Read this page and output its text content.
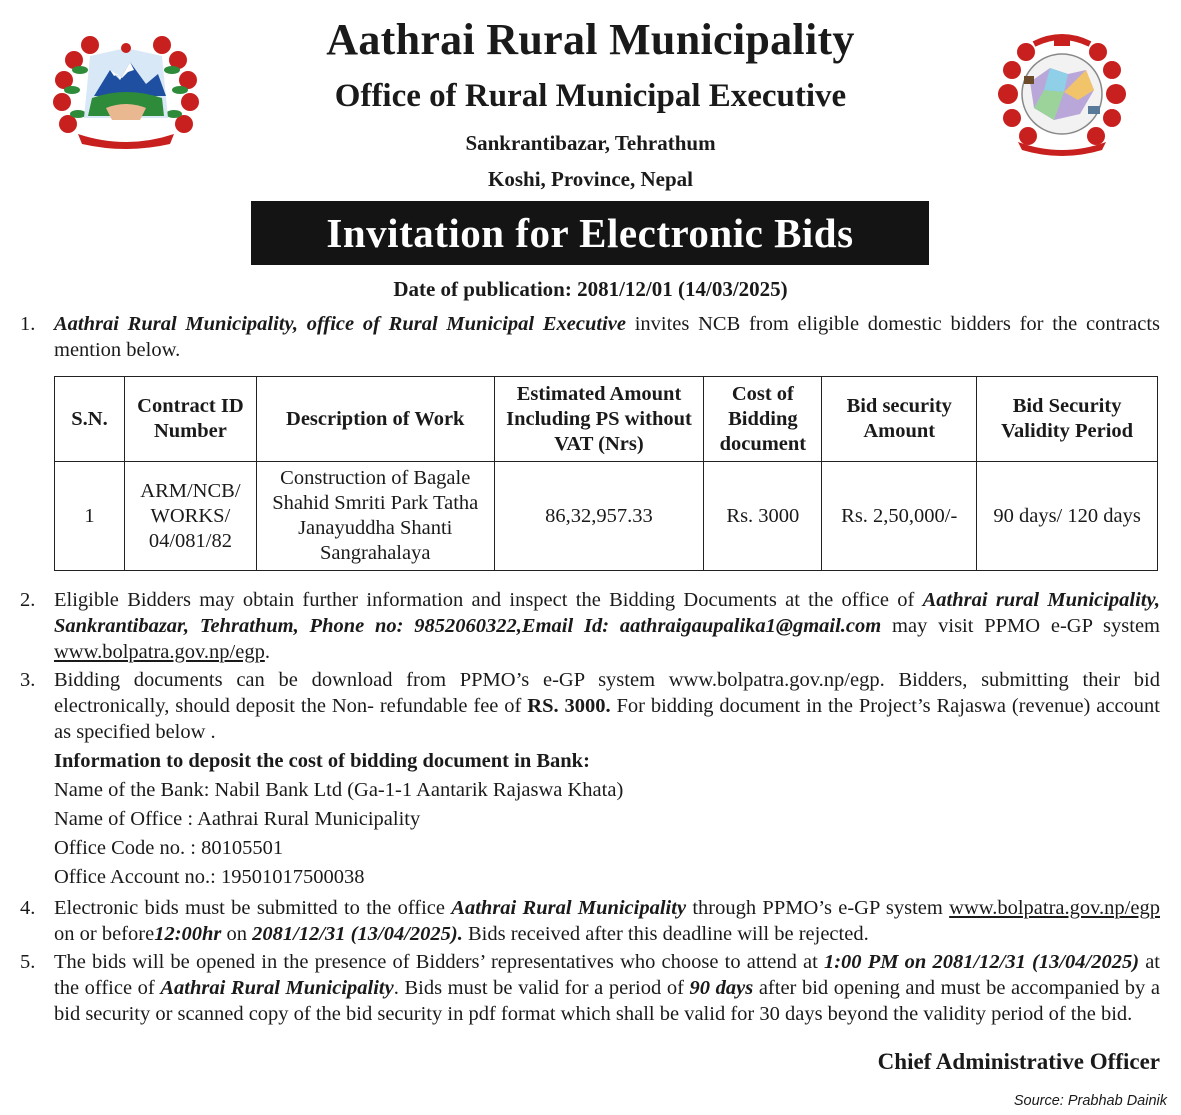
Aathrai Rural Municipality
Office of Rural Municipal Executive
Sankrantibazar, Tehrathum
Koshi, Province, Nepal
Invitation for Electronic Bids
Date of publication: 2081/12/01 (14/03/2025)
1. Aathrai Rural Municipality, office of Rural Municipal Executive invites NCB from eligible domestic bidders for the contracts mention below.
S.N.	Contract ID Number	Description of Work	Estimated Amount Including PS without VAT (Nrs)	Cost of Bidding document	Bid security Amount	Bid Security Validity Period
1	ARM/NCB/ WORKS/ 04/081/82	Construction of Bagale Shahid Smriti Park Tatha Janayuddha Shanti Sangrahalaya	86,32,957.33	Rs. 3000	Rs. 2,50,000/-	90 days/ 120 days
2. Eligible Bidders may obtain further information and inspect the Bidding Documents at the office of Aathrai rural Municipality, Sankrantibazar, Tehrathum, Phone no: 9852060322,Email Id: aathraigaupalika1@gmail.com may visit PPMO e-GP system www.bolpatra.gov.np/egp.
3. Bidding documents can be download from PPMO’s e-GP system www.bolpatra.gov.np/egp. Bidders, submitting their bid electronically, should deposit the Non- refundable fee of RS. 3000. For bidding document in the Project’s Rajaswa (revenue) account as specified below .
Information to deposit the cost of bidding document in Bank:
Name of the Bank: Nabil Bank Ltd (Ga-1-1 Aantarik Rajaswa Khata)
Name of Office : Aathrai Rural Municipality
Office Code no. : 80105501
Office Account no.: 19501017500038
4. Electronic bids must be submitted to the office Aathrai Rural Municipality through PPMO’s e-GP system www.bolpatra.gov.np/egp on or before12:00hr on 2081/12/31 (13/04/2025). Bids received after this deadline will be rejected.
5. The bids will be opened in the presence of Bidders’ representatives who choose to attend at 1:00 PM on 2081/12/31 (13/04/2025) at the office of Aathrai Rural Municipality. Bids must be valid for a period of 90 days after bid opening and must be accompanied by a bid security or scanned copy of the bid security in pdf format which shall be valid for 30 days beyond the validity period of the bid.
Chief Administrative Officer
Source: Prabhab Dainik
